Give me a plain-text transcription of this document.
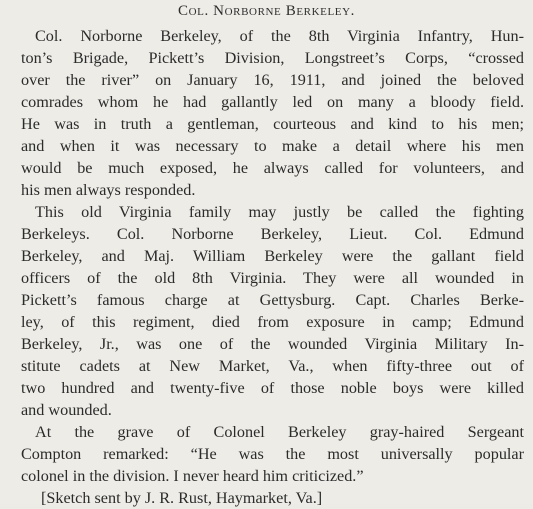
Col. Norborne Berkeley.
Col. Norborne Berkeley, of the 8th Virginia Infantry, Hun-
ton’s Brigade, Pickett’s Division, Longstreet’s Corps, “crossed
over the river” on January 16, 1911, and joined the beloved
comrades whom he had gallantly led on many a bloody field.
He was in truth a gentleman, courteous and kind to his men;
and when it was necessary to make a detail where his men
would be much exposed, he always called for volunteers, and
his men always responded.
This old Virginia family may justly be called the fighting
Berkeleys. Col. Norborne Berkeley, Lieut. Col. Edmund
Berkeley, and Maj. William Berkeley were the gallant field
officers of the old 8th Virginia. They were all wounded in
Pickett’s famous charge at Gettysburg. Capt. Charles Berke-
ley, of this regiment, died from exposure in camp; Edmund
Berkeley, Jr., was one of the wounded Virginia Military In-
stitute cadets at New Market, Va., when fifty-three out of
two hundred and twenty-five of those noble boys were killed
and wounded.
At the grave of Colonel Berkeley gray-haired Sergeant
Compton remarked: “He was the most universally popular
colonel in the division. I never heard him criticized.”
[Sketch sent by J. R. Rust, Haymarket, Va.]
